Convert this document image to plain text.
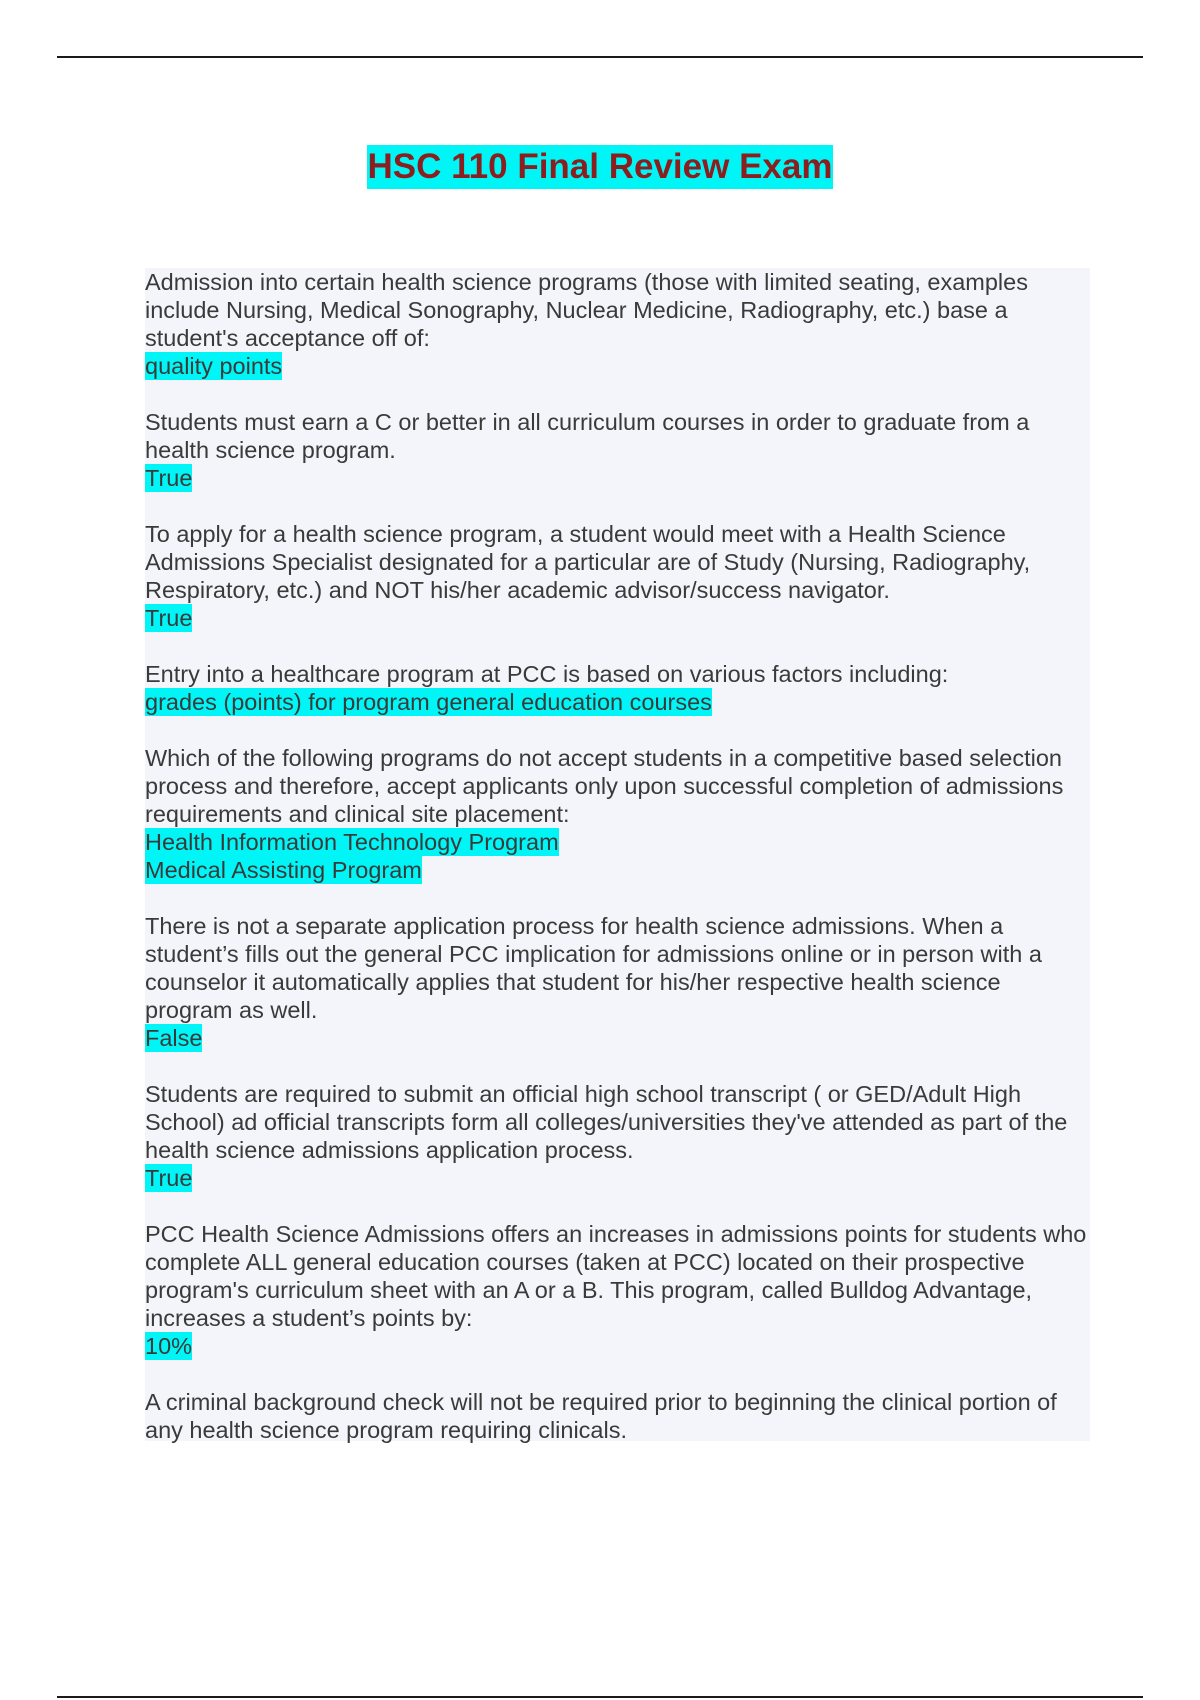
HSC 110 Final Review Exam

Admission into certain health science programs (those with limited seating, examples include Nursing, Medical Sonography, Nuclear Medicine, Radiography, etc.) base a student's acceptance off of:

quality points

Students must earn a C or better in all curriculum courses in order to graduate from a health science program.

True

To apply for a health science program, a student would meet with a Health Science Admissions Specialist designated for a particular are of Study (Nursing, Radiography, Respiratory, etc.) and NOT his/her academic advisor/success navigator.

True

Entry into a healthcare program at PCC is based on various factors including:

grades (points) for program general education courses

Which of the following programs do not accept students in a competitive based selection process and therefore, accept applicants only upon successful completion of admissions requirements and clinical site placement:

Health Information Technology Program
Medical Assisting Program

There is not a separate application process for health science admissions. When a student’s fills out the general PCC implication for admissions online or in person with a counselor it automatically applies that student for his/her respective health science program as well.

False

Students are required to submit an official high school transcript ( or GED/Adult High School) ad official transcripts form all colleges/universities they've attended as part of the health science admissions application process.

True

PCC Health Science Admissions offers an increases in admissions points for students who complete ALL general education courses (taken at PCC) located on their prospective program's curriculum sheet with an A or a B. This program, called Bulldog Advantage, increases a student’s points by:

10%

A criminal background check will not be required prior to beginning the clinical portion of any health science program requiring clinicals.
